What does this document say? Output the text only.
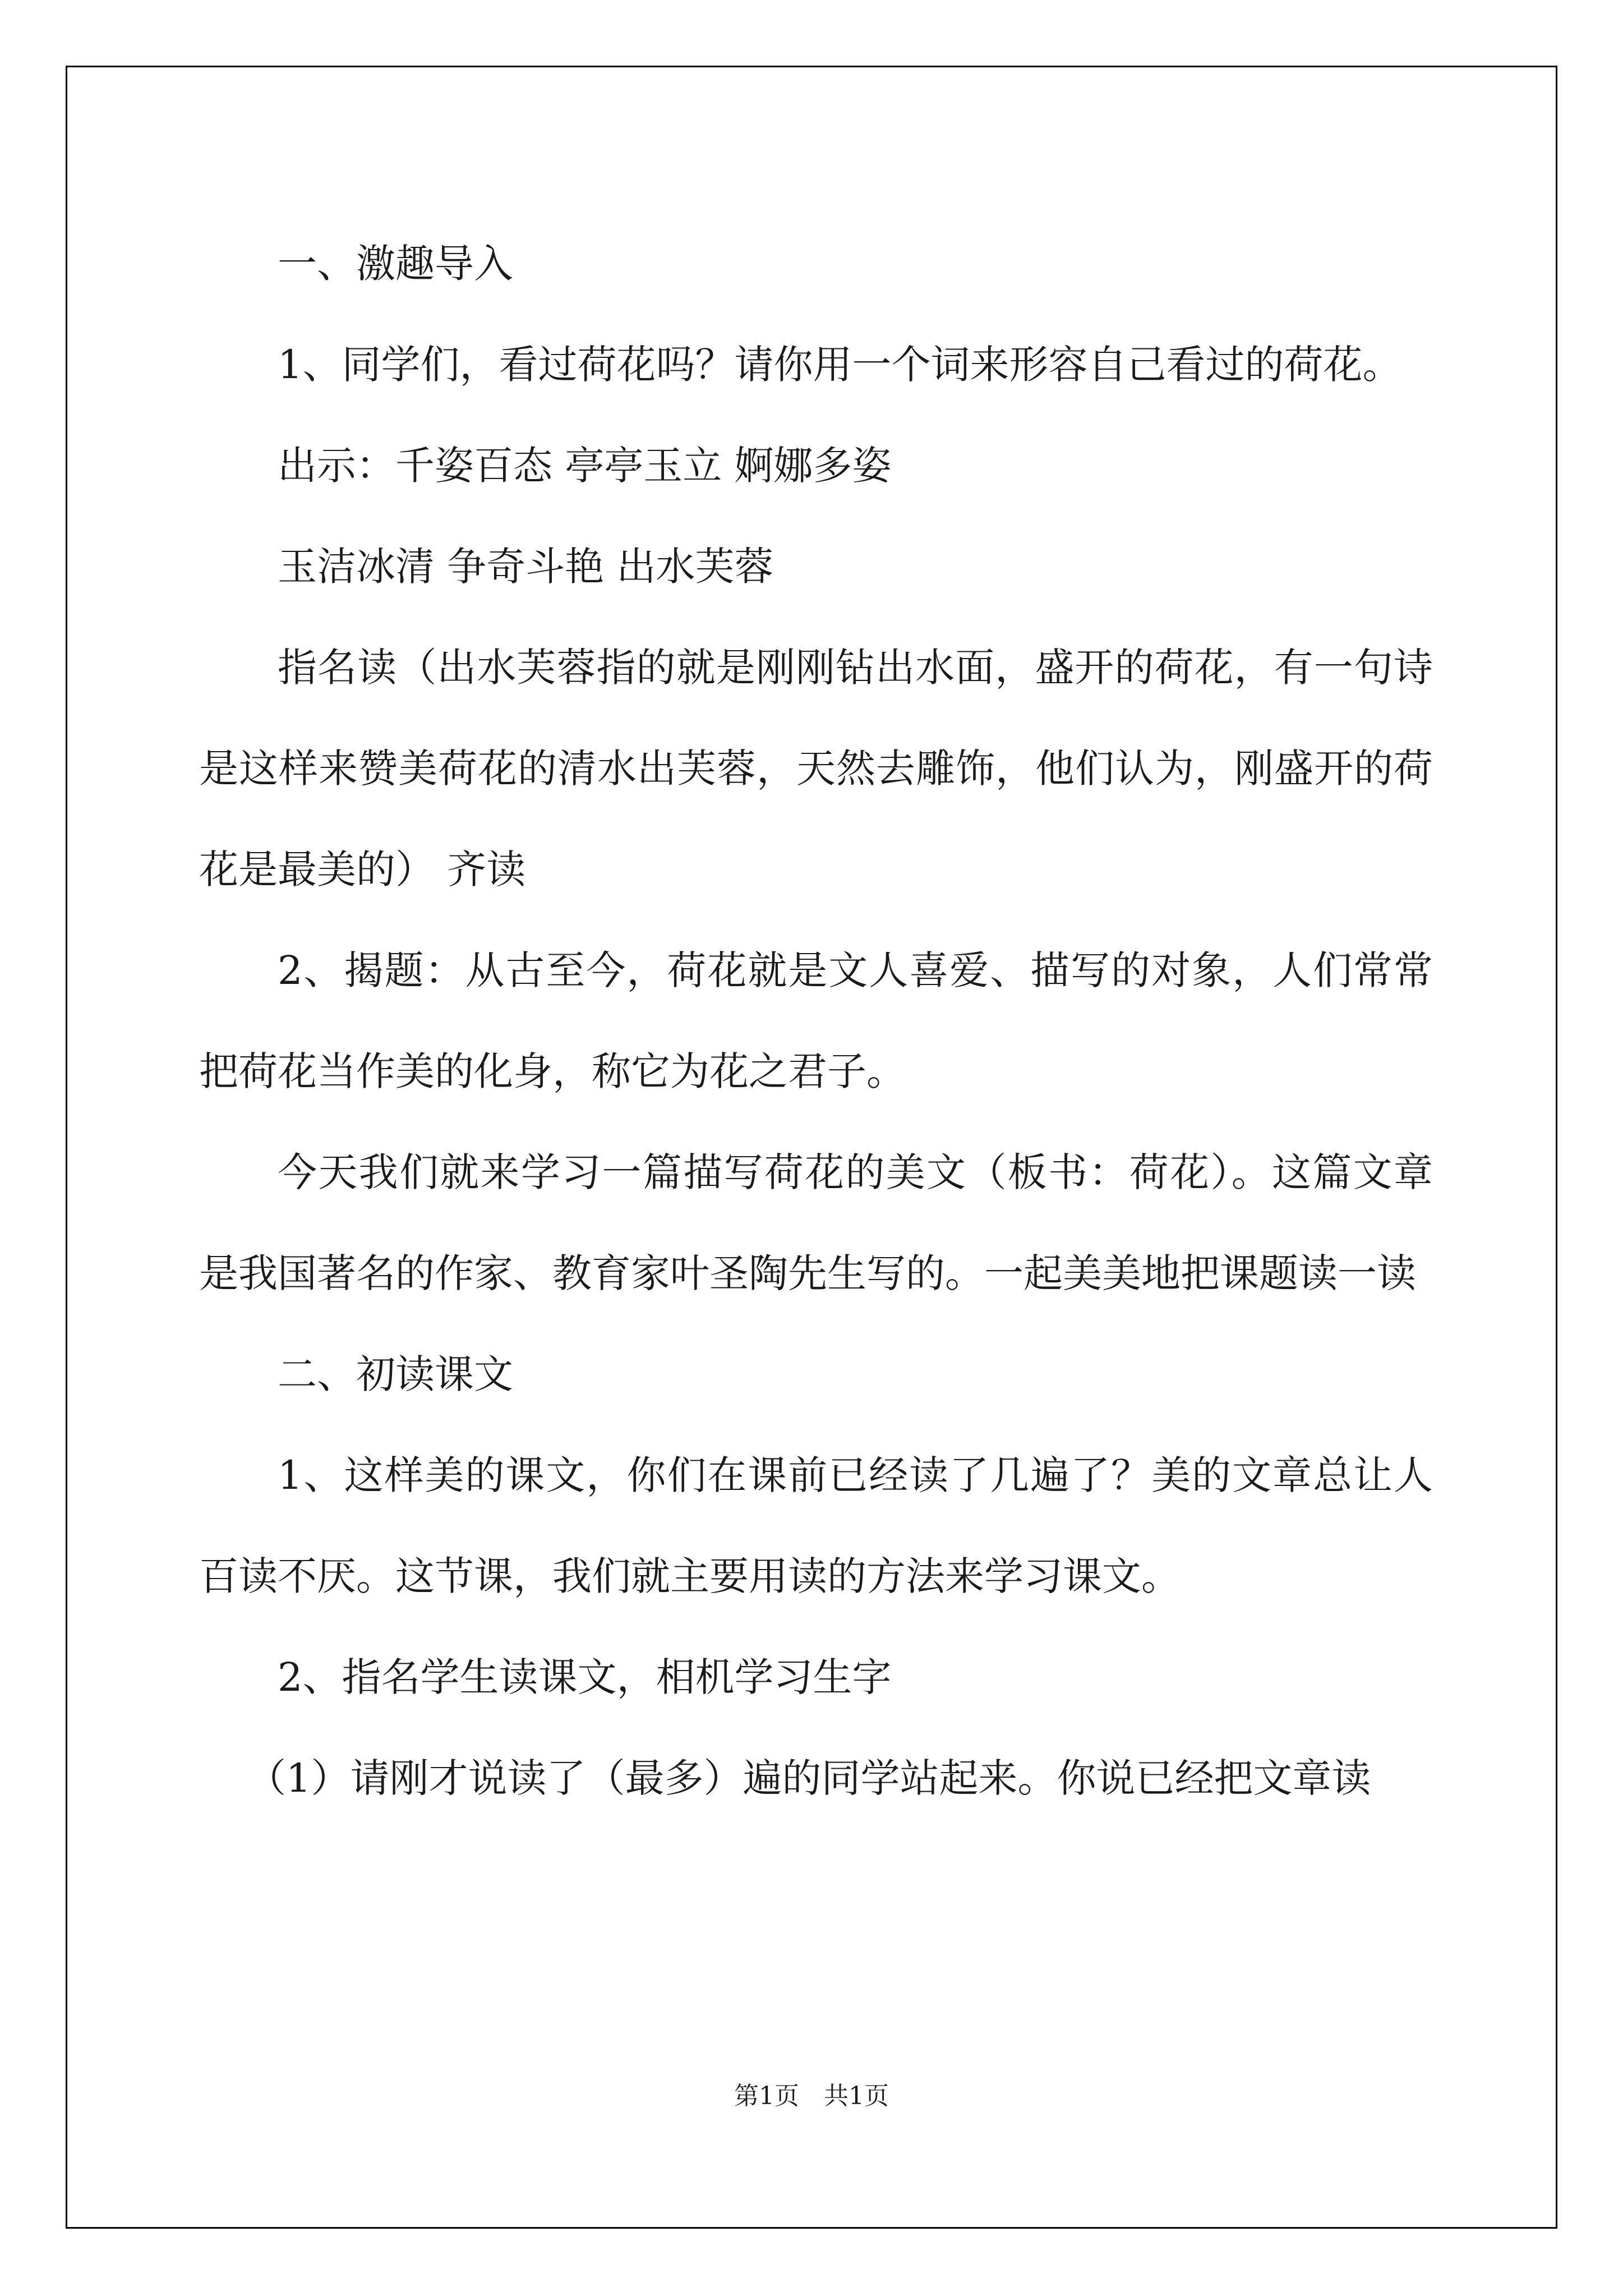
一、激趣导入

1、同学们，看过荷花吗？请你用一个词来形容自己看过的荷花。

出示：千姿百态 亭亭玉立 婀娜多姿

玉洁冰清 争奇斗艳 出水芙蓉

指名读（出水芙蓉指的就是刚刚钻出水面，盛开的荷花，有一句诗是这样来赞美荷花的清水出芙蓉，天然去雕饰，他们认为，刚盛开的荷花是最美的） 齐读

2、揭题：从古至今，荷花就是文人喜爱、描写的对象，人们常常把荷花当作美的化身，称它为花之君子。

今天我们就来学习一篇描写荷花的美文（板书：荷花）。这篇文章是我国著名的作家、教育家叶圣陶先生写的。一起美美地把课题读一读

二、初读课文

1、这样美的课文，你们在课前已经读了几遍了？美的文章总让人百读不厌。这节课，我们就主要用读的方法来学习课文。

2、指名学生读课文，相机学习生字

（1）请刚才说读了（最多）遍的同学站起来。你说已经把文章读

第1页　共1页
